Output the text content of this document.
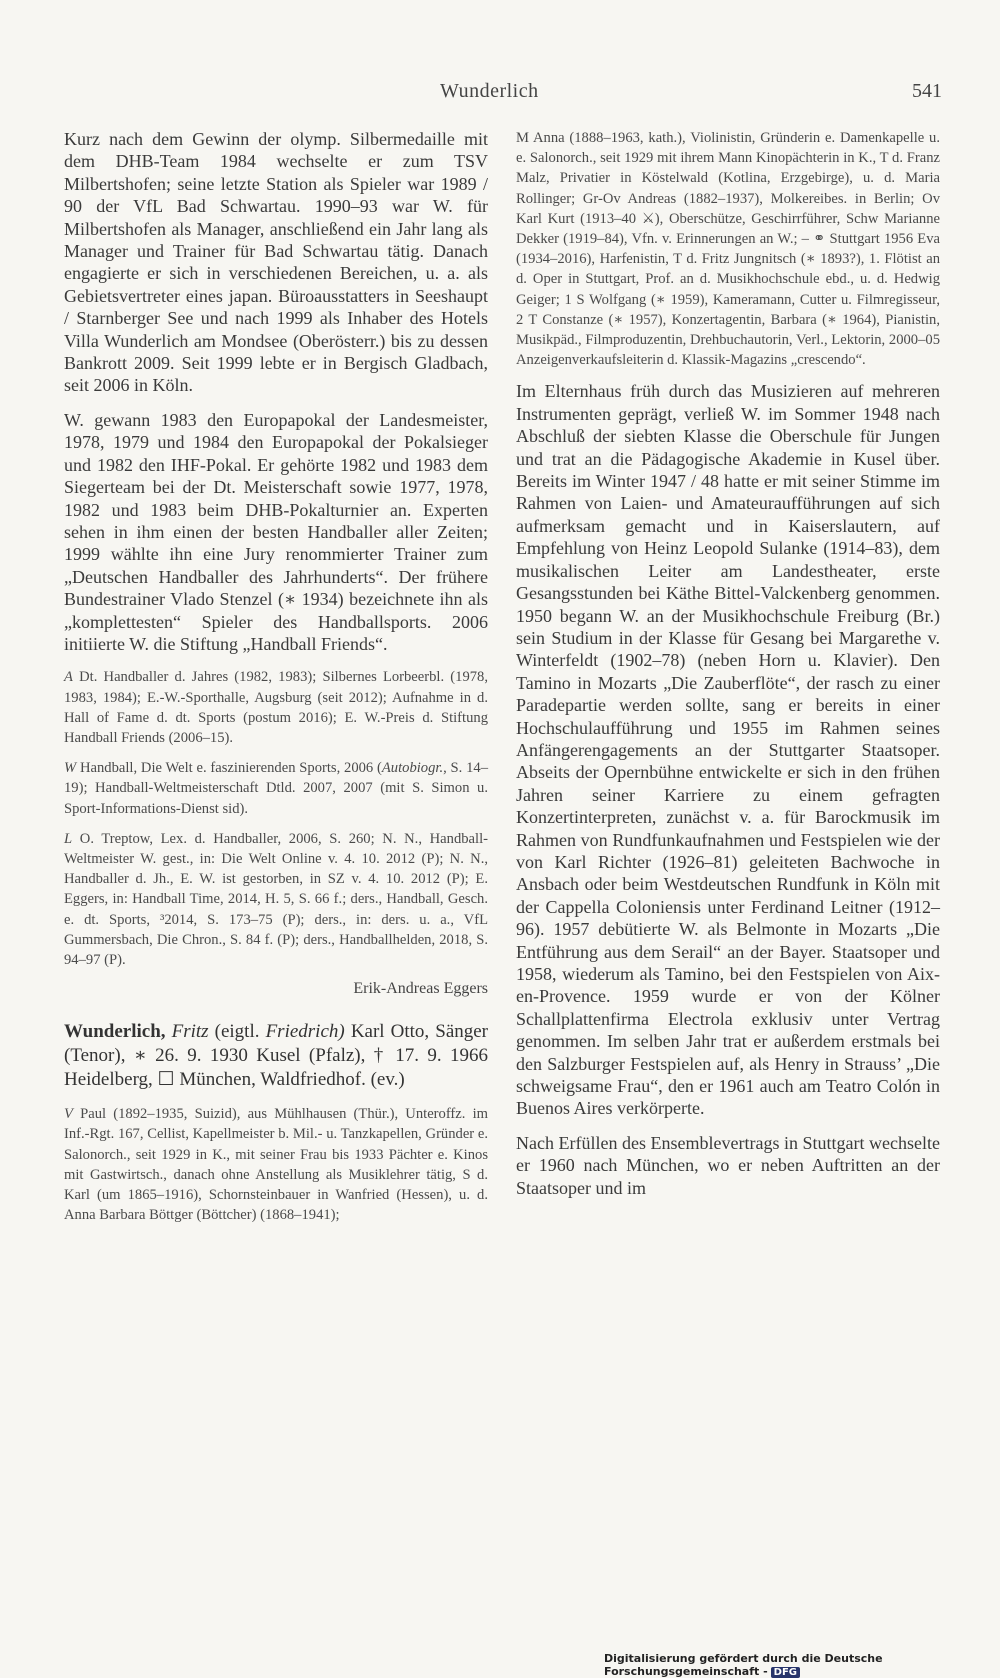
Wunderlich	541

Kurz nach dem Gewinn der olymp. Silbermedaille mit dem DHB-Team 1984 wechselte er zum TSV Milbertshofen; seine letzte Station als Spieler war 1989 / 90 der VfL Bad Schwartau. 1990–93 war W. für Milbertshofen als Manager, anschließend ein Jahr lang als Manager und Trainer für Bad Schwartau tätig. Danach engagierte er sich in verschiedenen Bereichen, u. a. als Gebietsvertreter eines japan. Büroausstatters in Seeshaupt / Starnberger See und nach 1999 als Inhaber des Hotels Villa Wunderlich am Mondsee (Oberösterr.) bis zu dessen Bankrott 2009. Seit 1999 lebte er in Bergisch Gladbach, seit 2006 in Köln.

W. gewann 1983 den Europapokal der Landesmeister, 1978, 1979 und 1984 den Europapokal der Pokalsieger und 1982 den IHF-Pokal. Er gehörte 1982 und 1983 dem Siegerteam bei der Dt. Meisterschaft sowie 1977, 1978, 1982 und 1983 beim DHB-Pokalturnier an. Experten sehen in ihm einen der besten Handballer aller Zeiten; 1999 wählte ihn eine Jury renommierter Trainer zum „Deutschen Handballer des Jahrhunderts“. Der frühere Bundestrainer Vlado Stenzel (∗ 1934) bezeichnete ihn als „komplettesten“ Spieler des Handballsports. 2006 initiierte W. die Stiftung „Handball Friends“.

A Dt. Handballer d. Jahres (1982, 1983); Silbernes Lorbeerbl. (1978, 1983, 1984); E.-W.-Sporthalle, Augsburg (seit 2012); Aufnahme in d. Hall of Fame d. dt. Sports (postum 2016); E. W.-Preis d. Stiftung Handball Friends (2006–15).

W Handball, Die Welt e. faszinierenden Sports, 2006 (Autobiogr., S. 14–19); Handball-Weltmeisterschaft Dtld. 2007, 2007 (mit S. Simon u. Sport-Informations-Dienst sid).

L O. Treptow, Lex. d. Handballer, 2006, S. 260; N. N., Handball-Weltmeister W. gest., in: Die Welt Online v. 4. 10. 2012 (P); N. N., Handballer d. Jh., E. W. ist gestorben, in SZ v. 4. 10. 2012 (P); E. Eggers, in: Handball Time, 2014, H. 5, S. 66 f.; ders., Handball, Gesch. e. dt. Sports, ³2014, S. 173–75 (P); ders., in: ders. u. a., VfL Gummersbach, Die Chron., S. 84 f. (P); ders., Handballhelden, 2018, S. 94–97 (P).

Erik-Andreas Eggers

Wunderlich, Fritz (eigtl. Friedrich) Karl Otto, Sänger (Tenor), ∗ 26. 9. 1930 Kusel (Pfalz), † 17. 9. 1966 Heidelberg, ☐ München, Waldfriedhof. (ev.)

V Paul (1892–1935, Suizid), aus Mühlhausen (Thür.), Unteroffz. im Inf.-Rgt. 167, Cellist, Kapellmeister b. Mil.- u. Tanzkapellen, Gründer e. Salonorch., seit 1929 in K., mit seiner Frau bis 1933 Pächter e. Kinos mit Gastwirtsch., danach ohne Anstellung als Musiklehrer tätig, S d. Karl (um 1865–1916), Schornsteinbauer in Wanfried (Hessen), u. d. Anna Barbara Böttger (Böttcher) (1868–1941);

M Anna (1888–1963, kath.), Violinistin, Gründerin e. Damenkapelle u. e. Salonorch., seit 1929 mit ihrem Mann Kinopächterin in K., T d. Franz Malz, Privatier in Köstelwald (Kotlina, Erzgebirge), u. d. Maria Rollinger; Gr-Ov Andreas (1882–1937), Molkereibes. in Berlin; Ov Karl Kurt (1913–40 ⚔), Oberschütze, Geschirrführer, Schw Marianne Dekker (1919–84), Vfn. v. Erinnerungen an W.; – ⚭ Stuttgart 1956 Eva (1934–2016), Harfenistin, T d. Fritz Jungnitsch (∗ 1893?), 1. Flötist an d. Oper in Stuttgart, Prof. an d. Musikhochschule ebd., u. d. Hedwig Geiger; 1 S Wolfgang (∗ 1959), Kameramann, Cutter u. Filmregisseur, 2 T Constanze (∗ 1957), Konzertagentin, Barbara (∗ 1964), Pianistin, Musikpäd., Filmproduzentin, Drehbuchautorin, Verl., Lektorin, 2000–05 Anzeigenverkaufsleiterin d. Klassik-Magazins „crescendo“.

Im Elternhaus früh durch das Musizieren auf mehreren Instrumenten geprägt, verließ W. im Sommer 1948 nach Abschluß der siebten Klasse die Oberschule für Jungen und trat an die Pädagogische Akademie in Kusel über. Bereits im Winter 1947 / 48 hatte er mit seiner Stimme im Rahmen von Laien- und Amateuraufführungen auf sich aufmerksam gemacht und in Kaiserslautern, auf Empfehlung von Heinz Leopold Sulanke (1914–83), dem musikalischen Leiter am Landestheater, erste Gesangsstunden bei Käthe Bittel-Valckenberg genommen. 1950 begann W. an der Musikhochschule Freiburg (Br.) sein Studium in der Klasse für Gesang bei Margarethe v. Winterfeldt (1902–78) (neben Horn u. Klavier). Den Tamino in Mozarts „Die Zauberflöte“, der rasch zu einer Paradepartie werden sollte, sang er bereits in einer Hochschulaufführung und 1955 im Rahmen seines Anfängerengagements an der Stuttgarter Staatsoper. Abseits der Opernbühne entwickelte er sich in den frühen Jahren seiner Karriere zu einem gefragten Konzertinterpreten, zunächst v. a. für Barockmusik im Rahmen von Rundfunkaufnahmen und Festspielen wie der von Karl Richter (1926–81) geleiteten Bachwoche in Ansbach oder beim Westdeutschen Rundfunk in Köln mit der Cappella Coloniensis unter Ferdinand Leitner (1912–96). 1957 debütierte W. als Belmonte in Mozarts „Die Entführung aus dem Serail“ an der Bayer. Staatsoper und 1958, wiederum als Tamino, bei den Festspielen von Aix-en-Provence. 1959 wurde er von der Kölner Schallplattenfirma Electrola exklusiv unter Vertrag genommen. Im selben Jahr trat er außerdem erstmals bei den Salzburger Festspielen auf, als Henry in Strauss’ „Die schweigsame Frau“, den er 1961 auch am Teatro Colón in Buenos Aires verkörperte.

Nach Erfüllen des Ensemblevertrags in Stuttgart wechselte er 1960 nach München, wo er neben Auftritten an der Staatsoper und im

Digitalisierung gefördert durch die Deutsche Forschungsgemeinschaft - DFG
